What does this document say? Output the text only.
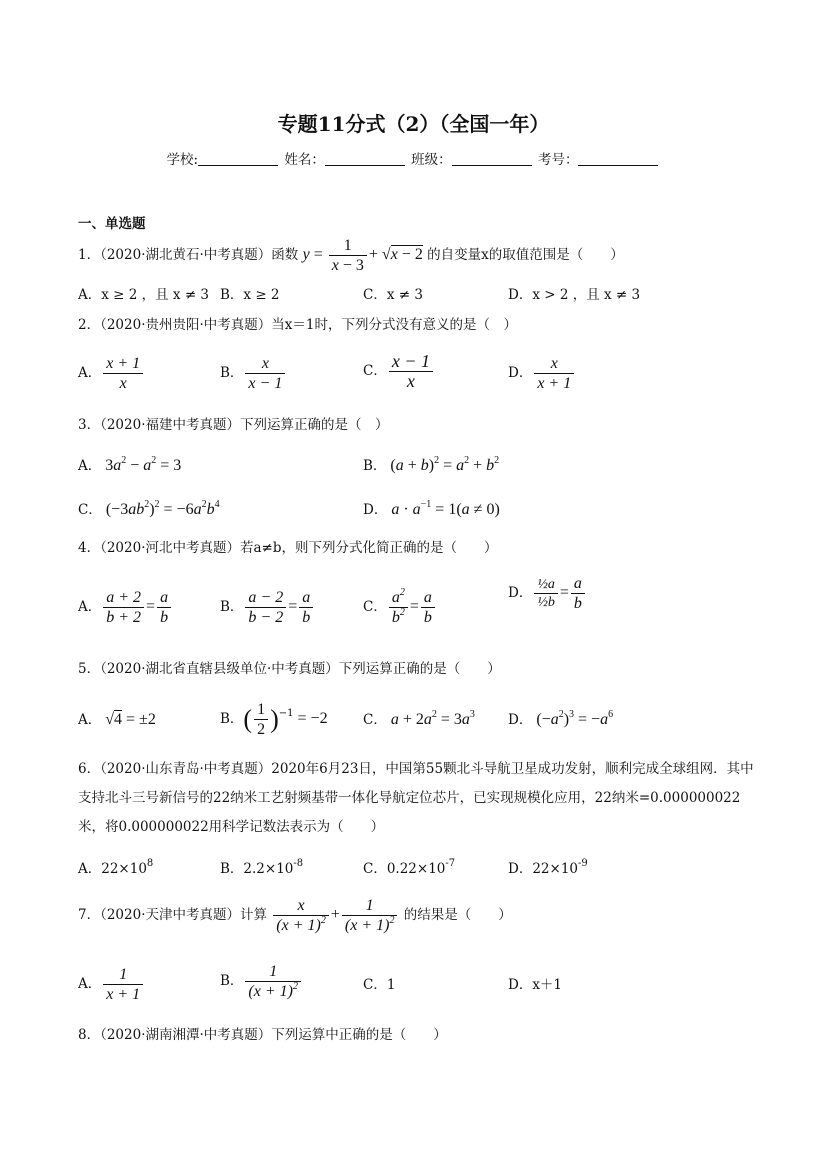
专题11分式（2）（全国一年）
学校:	姓名：	班级：	考号：
一、单选题
1．（2020·湖北黄石·中考真题）函数 $y = \frac{1}{x - 3} + √x - 2$ 的自变量x的取值范围是（　　）
A．x ≥ 2 ，且 x ≠ 3 B．x ≥ 2	C．x ≠ 3	D．x > 2 ，且 x ≠ 3
2．（2020·贵州贵阳·中考真题）当x＝1时，下列分式没有意义的是（　）
A． $\frac{x + 1}{x}$	B． $\frac{x}{x - 1}$	C． $\frac{x - 1}{x}$	D． $\frac{x}{x + 1}$
3．（2020·福建中考真题）下列运算正确的是（　）
A． $3a^2 - a^2 = 3$	B． $(a + b)^2 = a^2 + b^2$
C． $(-3ab^2)^2 = -6a^2b^4$	D． $a \cdot a^{-1} = 1(a \ne 0)$
4．（2020·河北中考真题）若a≠b，则下列分式化简正确的是（　　）
A． $\frac{a + 2}{b + 2} = \frac{a}{b}$	B． $\frac{a - 2}{b - 2} = \frac{a}{b}$	C． $\frac{a^2}{b^2} = \frac{a}{b}$	D． $\frac{\text{½a}}{\text{½b}} = \frac{a}{b}$
5．（2020·湖北省直辖县级单位·中考真题）下列运算正确的是（　　）
A． √4 = ±2	B．( $\frac{1}{2} )^{-1} = -2$	C． $a + 2a^2 = 3a^3$ D． $(-a^2)^3 = -a^6$
6．（2020·山东青岛·中考真题）2020年6月23日，中国第55颗北斗导航卫星成功发射，顺利完成全球组网．其中支持北斗三号新信号的22纳米工艺射频基带一体化导航定位芯片，已实现规模化应用，22纳米=0.000000022米，将0.000000022用科学记数法表示为（　　）
A．$22\times 10^8$	B．$2.2\times 10^{-8}$	C．$0.22\times 10^{-7}$	D．$22\times 10^{-9}$
7．（2020·天津中考真题）计算 $\frac{x}{(x + 1)^2} + \frac{1}{(x + 1)^2}$ 的结果是（　　）
A． $\frac{1}{x + 1}$	B． $\frac{1}{(x + 1)^2}$	C．1	D．x＋1
8．（2020·湖南湘潭·中考真题）下列运算中正确的是（　　）
